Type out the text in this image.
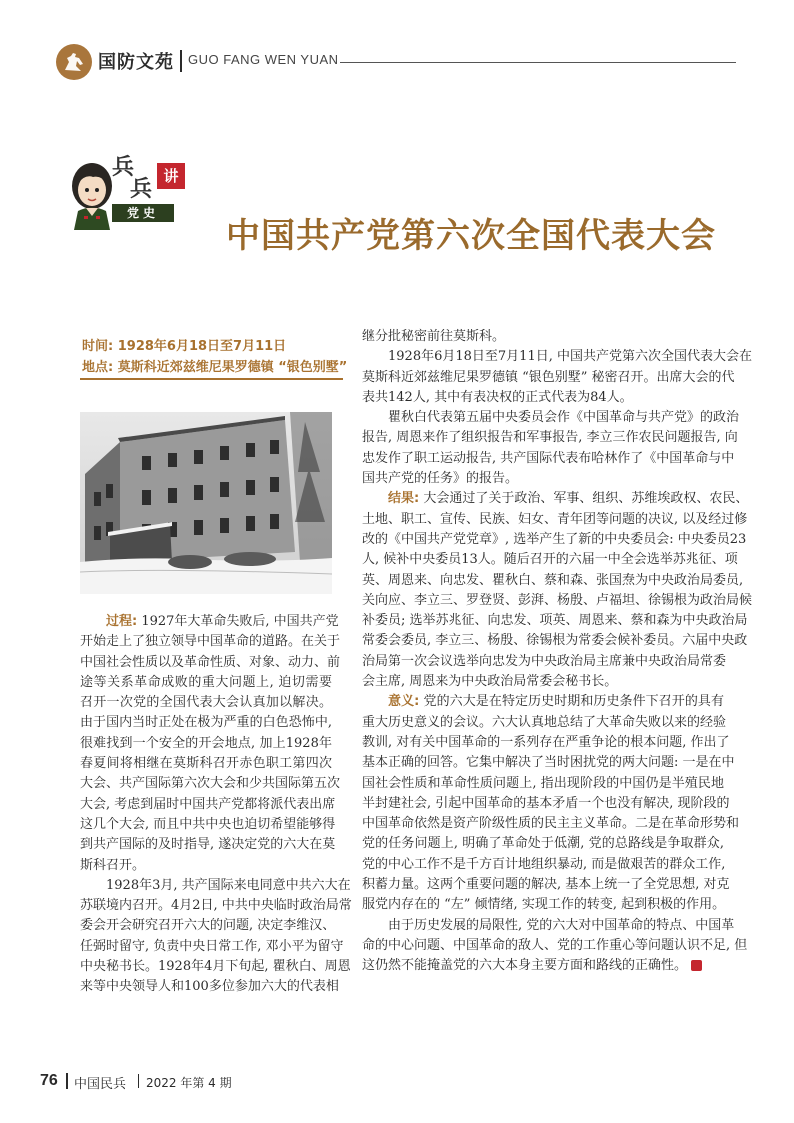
国防文苑 GUO FANG WEN YUAN
兵
兵 讲
党史
中国共产党第六次全国代表大会
时间: 1928年6月18日至7月11日
地点: 莫斯科近郊兹维尼果罗德镇 “银色别墅”
过程: 1927年大革命失败后, 中国共产党
开始走上了独立领导中国革命的道路。在关于
中国社会性质以及革命性质、对象、动力、前
途等关系革命成败的重大问题上, 迫切需要
召开一次党的全国代表大会认真加以解决。
由于国内当时正处在极为严重的白色恐怖中,
很难找到一个安全的开会地点, 加上1928年
春夏间将相继在莫斯科召开赤色职工第四次
大会、共产国际第六次大会和少共国际第五次
大会, 考虑到届时中国共产党都将派代表出席
这几个大会, 而且中共中央也迫切希望能够得
到共产国际的及时指导, 遂决定党的六大在莫
斯科召开。
1928年3月, 共产国际来电同意中共六大在
苏联境内召开。4月2日, 中共中央临时政治局常
委会开会研究召开六大的问题, 决定李维汉、
任弼时留守, 负责中央日常工作, 邓小平为留守
中央秘书长。1928年4月下旬起, 瞿秋白、周恩
来等中央领导人和100多位参加六大的代表相
继分批秘密前往莫斯科。
1928年6月18日至7月11日, 中国共产党第六次全国代表大会在
莫斯科近郊兹维尼果罗德镇 “银色别墅” 秘密召开。出席大会的代
表共142人, 其中有表决权的正式代表为84人。
瞿秋白代表第五届中央委员会作《中国革命与共产党》的政治
报告, 周恩来作了组织报告和军事报告, 李立三作农民问题报告, 向
忠发作了职工运动报告, 共产国际代表布哈林作了《中国革命与中
国共产党的任务》的报告。
结果: 大会通过了关于政治、军事、组织、苏维埃政权、农民、
土地、职工、宣传、民族、妇女、青年团等问题的决议, 以及经过修
改的《中国共产党党章》, 选举产生了新的中央委员会: 中央委员23
人, 候补中央委员13人。随后召开的六届一中全会选举苏兆征、项
英、周恩来、向忠发、瞿秋白、蔡和森、张国焘为中央政治局委员,
关向应、李立三、罗登贤、彭湃、杨殷、卢福坦、徐锡根为政治局候
补委员; 选举苏兆征、向忠发、项英、周恩来、蔡和森为中央政治局
常委会委员, 李立三、杨殷、徐锡根为常委会候补委员。六届中央政
治局第一次会议选举向忠发为中央政治局主席兼中央政治局常委
会主席, 周恩来为中央政治局常委会秘书长。
意义: 党的六大是在特定历史时期和历史条件下召开的具有
重大历史意义的会议。六大认真地总结了大革命失败以来的经验
教训, 对有关中国革命的一系列存在严重争论的根本问题, 作出了
基本正确的回答。它集中解决了当时困扰党的两大问题: 一是在中
国社会性质和革命性质问题上, 指出现阶段的中国仍是半殖民地
半封建社会, 引起中国革命的基本矛盾一个也没有解决, 现阶段的
中国革命依然是资产阶级性质的民主主义革命。二是在革命形势和
党的任务问题上, 明确了革命处于低潮, 党的总路线是争取群众,
党的中心工作不是千方百计地组织暴动, 而是做艰苦的群众工作,
积蓄力量。这两个重要问题的解决, 基本上统一了全党思想, 对克
服党内存在的 “左” 倾情绪, 实现工作的转变, 起到积极的作用。
由于历史发展的局限性, 党的六大对中国革命的特点、中国革
命的中心问题、中国革命的敌人、党的工作重心等问题认识不足, 但
这仍然不能掩盖党的六大本身主要方面和路线的正确性。
76 中国民兵 2022 年第 4 期
